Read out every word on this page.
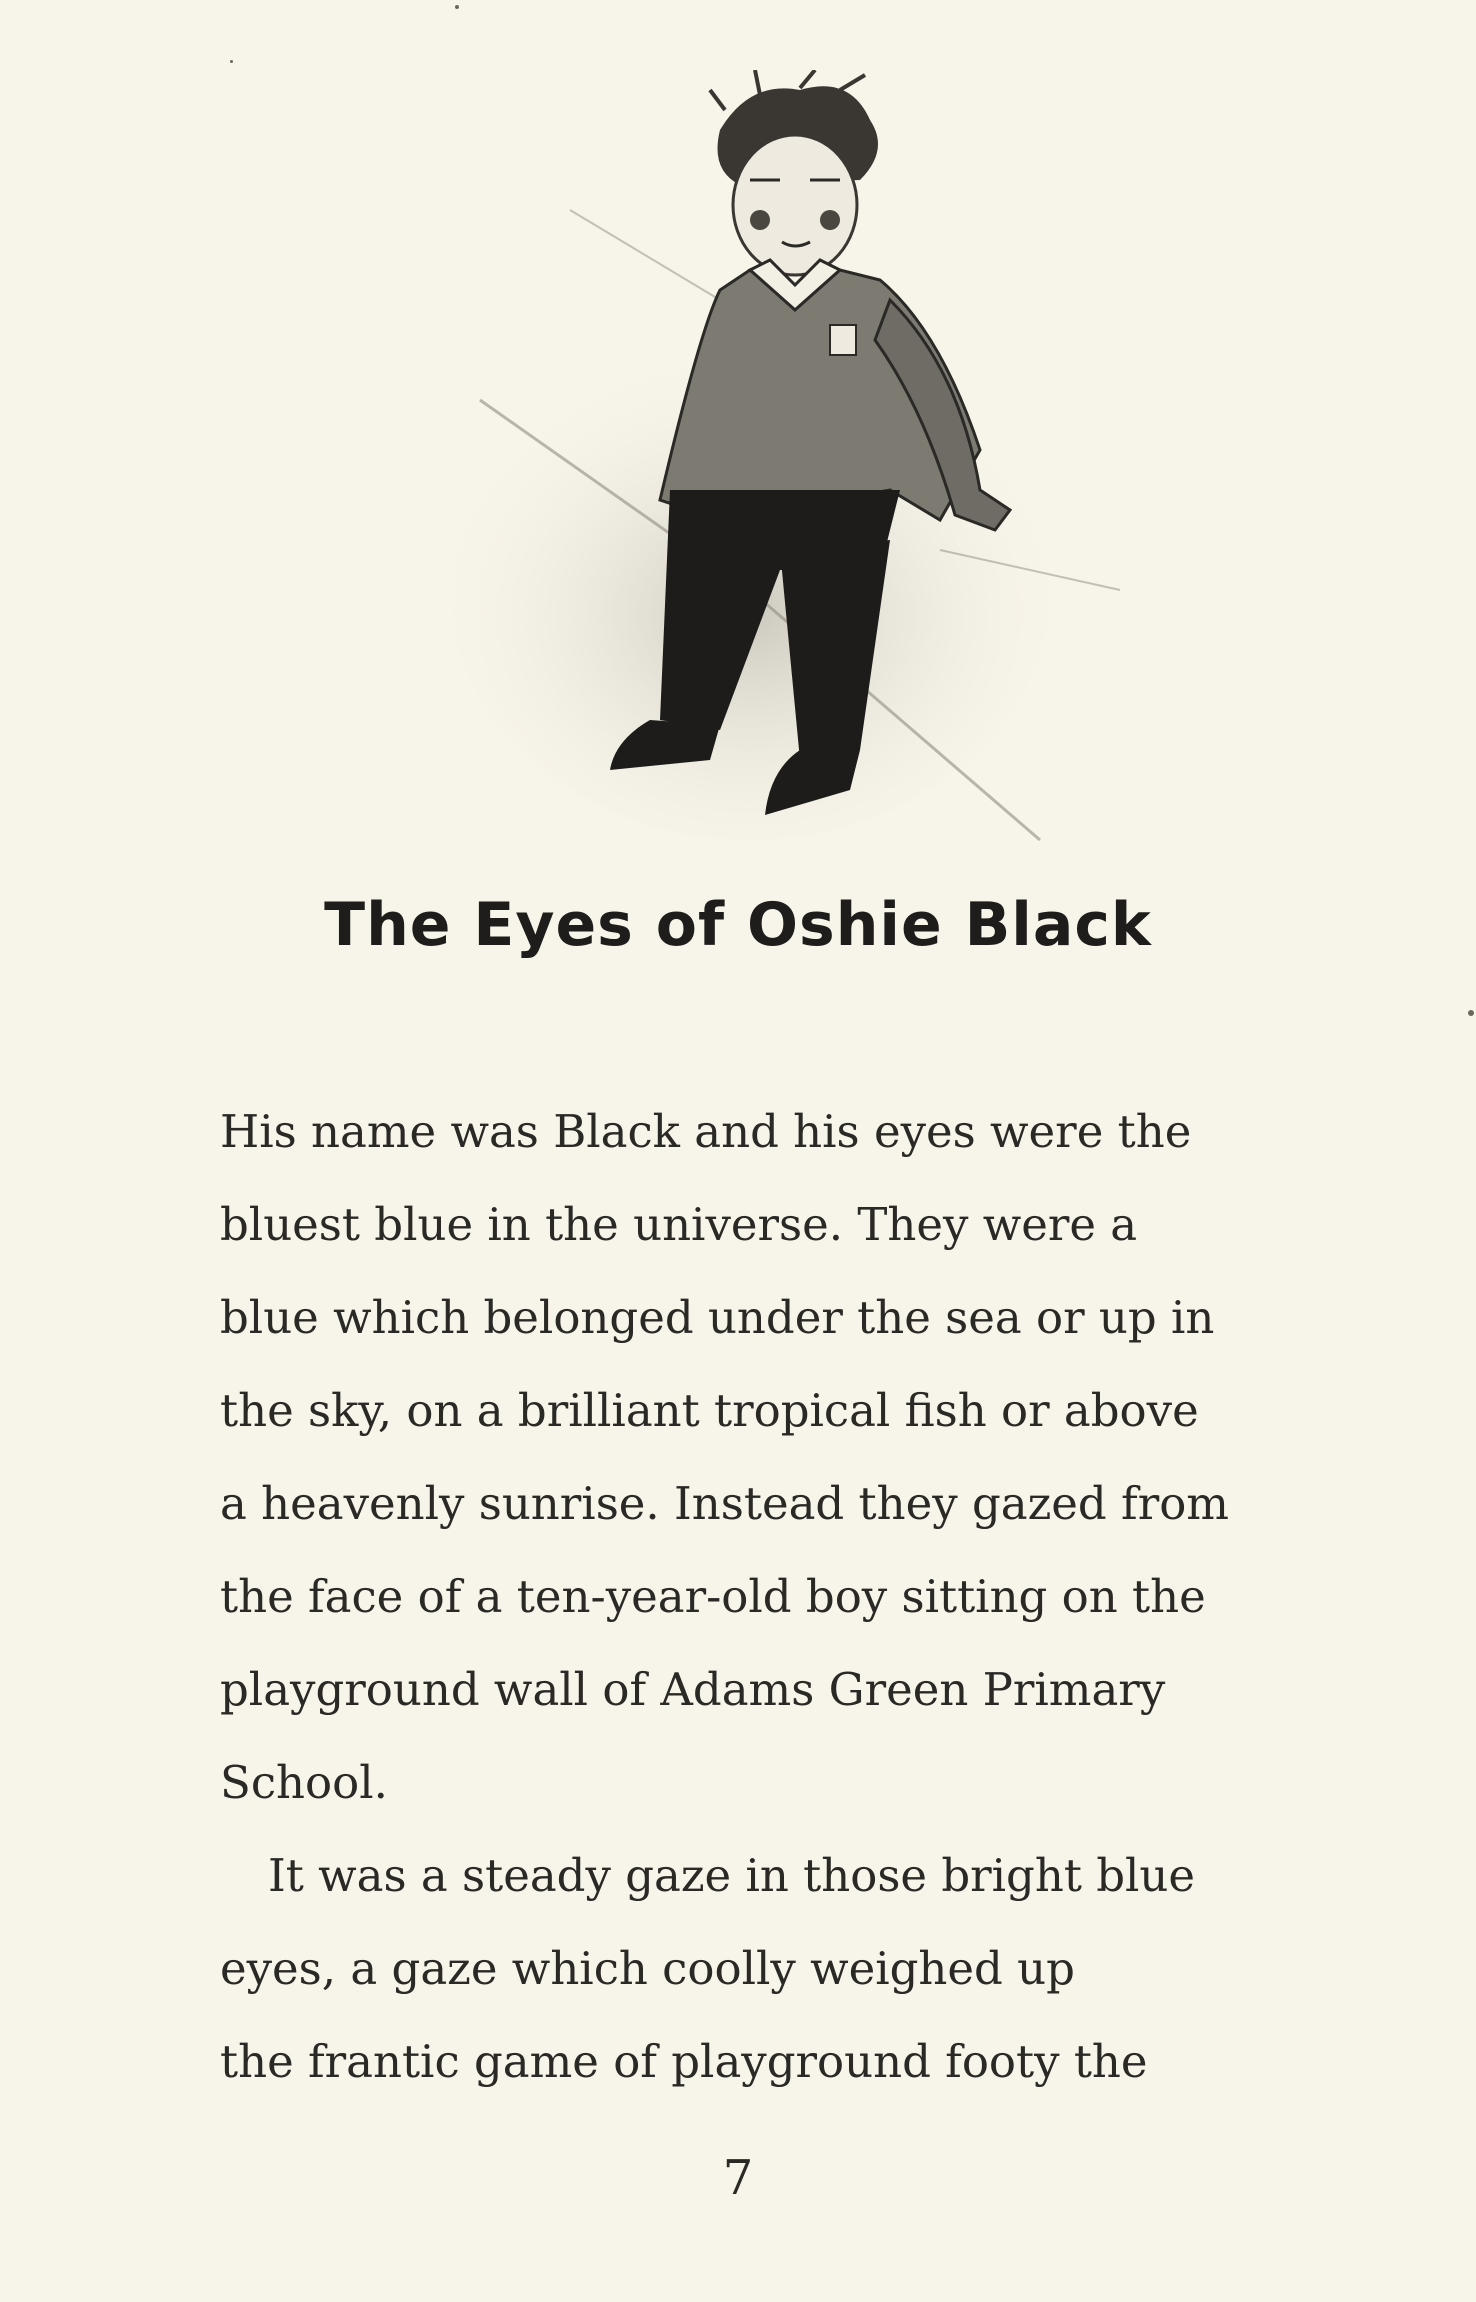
The Eyes of Oshie Black

His name was Black and his eyes were the
bluest blue in the universe. They were a
blue which belonged under the sea or up in
the sky, on a brilliant tropical fish or above
a heavenly sunrise. Instead they gazed from
the face of a ten-year-old boy sitting on the
playground wall of Adams Green Primary
School.

It was a steady gaze in those bright blue
eyes, a gaze which coolly weighed up
the frantic game of playground footy the

7
